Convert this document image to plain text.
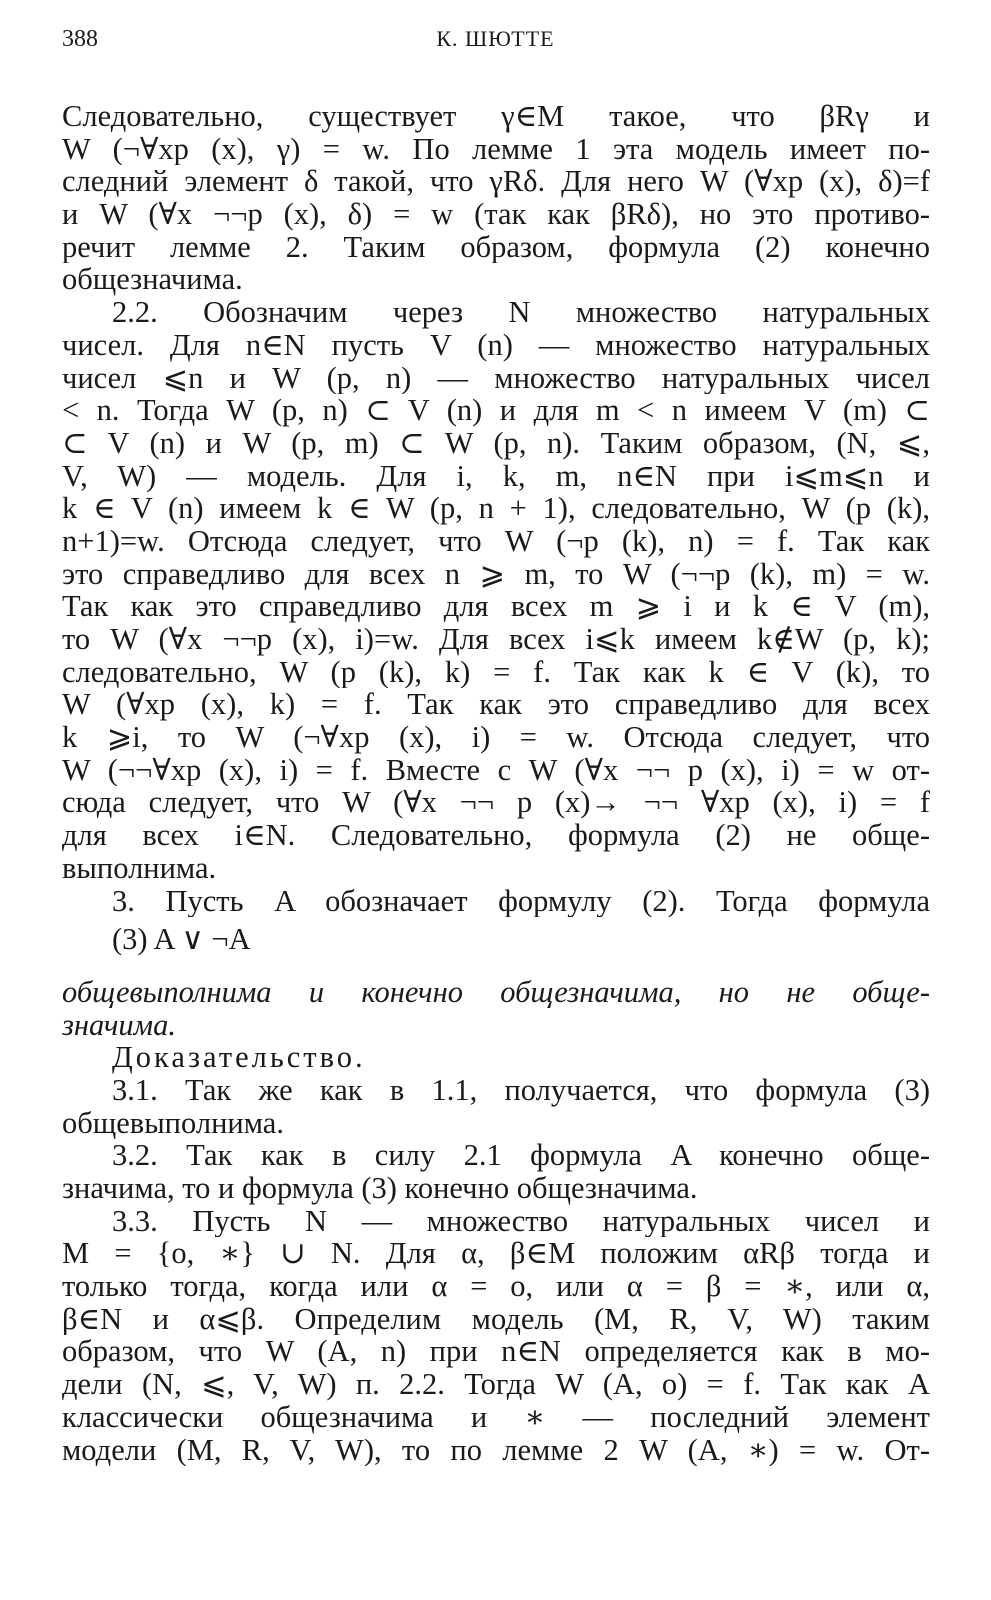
388	К. ШЮТТЕ
Следовательно, существует γ∈M такое, что βRγ и
W (¬∀xp (x), γ) = w. По лемме 1 эта модель имеет по-
следний элемент δ такой, что γRδ. Для него W (∀xp (x), δ)=f
и W (∀x ¬¬p (x), δ) = w (так как βRδ), но это противо-
речит лемме 2. Таким образом, формула (2) конечно
общезначима.
2.2. Обозначим через N множество натуральных
чисел. Для n∈N пусть V (n) — множество натуральных
чисел ⩽n и W (p, n) — множество натуральных чисел
< n. Тогда W (p, n) ⊂ V (n) и для m < n имеем V (m) ⊂
⊂ V (n) и W (p, m) ⊂ W (p, n). Таким образом, (N, ⩽,
V, W) — модель. Для i, k, m, n∈N при i⩽m⩽n и
k ∈ V (n) имеем k ∈ W (p, n + 1), следовательно, W (p (k),
n+1)=w. Отсюда следует, что W (¬p (k), n) = f. Так как
это справедливо для всех n ⩾ m, то W (¬¬p (k), m) = w.
Так как это справедливо для всех m ⩾ i и k ∈ V (m),
то W (∀x ¬¬p (x), i)=w. Для всех i⩽k имеем k∉W (p, k);
следовательно, W (p (k), k) = f. Так как k ∈ V (k), то
W (∀xp (x), k) = f. Так как это справедливо для всех
k ⩾i, то W (¬∀xp (x), i) = w. Отсюда следует, что
W (¬¬∀xp (x), i) = f. Вместе с W (∀x ¬¬ p (x), i) = w от-
сюда следует, что W (∀x ¬¬ p (x)→ ¬¬ ∀xp (x), i) = f
для всех i∈N. Следовательно, формула (2) не обще-
выполнима.
3. Пусть A обозначает формулу (2). Тогда формула
(3) A ∨ ¬A
общевыполнима и конечно общезначима, но не обще-
значима.
Доказательство.
3.1. Так же как в 1.1, получается, что формула (3)
общевыполнима.
3.2. Так как в силу 2.1 формула A конечно обще-
значима, то и формула (3) конечно общезначима.
3.3. Пусть N — множество натуральных чисел и
M = {o, ∗} ∪ N. Для α, β∈M положим αRβ тогда и
только тогда, когда или α = o, или α = β = ∗, или α,
β∈N и α⩽β. Определим модель (M, R, V, W) таким
образом, что W (A, n) при n∈N определяется как в мо-
дели (N, ⩽, V, W) п. 2.2. Тогда W (A, o) = f. Так как A
классически общезначима и ∗ — последний элемент
модели (M, R, V, W), то по лемме 2 W (A, ∗) = w. От-
